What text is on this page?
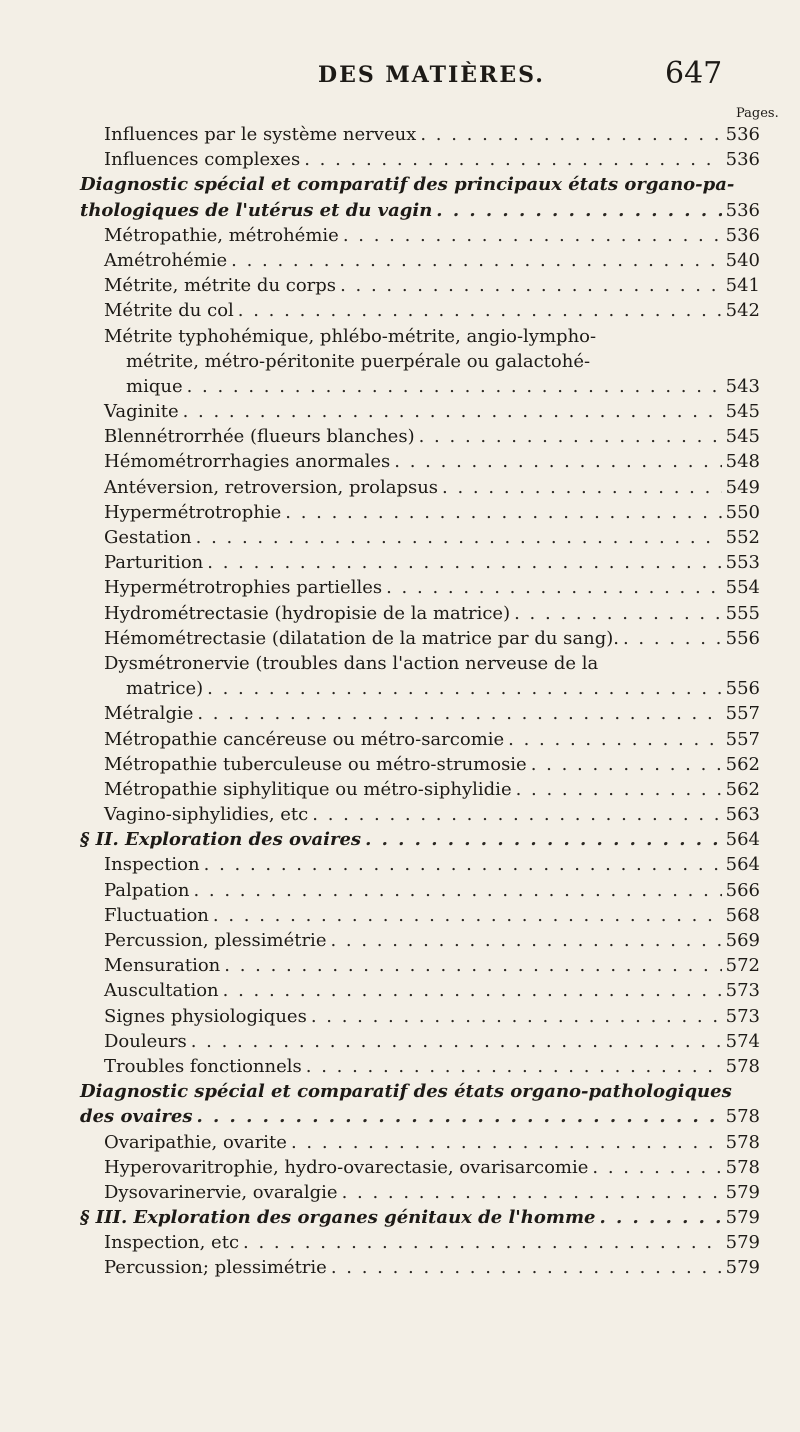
DES MATIÈRES.	647
Pages.
Influences par le système nerveux . . .	536
Influences complexes . . .	536
Diagnostic spécial et comparatif des principaux états organo-pa-
thologiques de l'utérus et du vagin . . .	536
Métropathie, métrohémie . . .	536
Amétrohémie . . .	540
Métrite, métrite du corps . . .	541
Métrite du col . . .	542
Métrite typhohémique, phlébo-métrite, angio-lympho-
métrite, métro-péritonite puerpérale ou galactohé-
mique . . .	543
Vaginite . . .	545
Blennétrorrhée (flueurs blanches) . . .	545
Hémométrorrhagies anormales . . .	548
Antéversion, retroversion, prolapsus . . .	549
Hypermétrotrophie . . .	550
Gestation . . .	552
Parturition . . .	553
Hypermétrotrophies partielles . . .	554
Hydrométrectasie (hydropisie de la matrice) . . .	555
Hémométrectasie (dilatation de la matrice par du sang). . . .	556
Dysmétronervie (troubles dans l'action nerveuse de la
matrice) . . .	556
Métralgie . . .	557
Métropathie cancéreuse ou métro-sarcomie . . .	557
Métropathie tuberculeuse ou métro-strumosie . . .	562
Métropathie siphylitique ou métro-siphylidie . . .	562
Vagino-siphylidies, etc . . .	563
§ II. Exploration des ovaires . . .	564
Inspection . . .	564
Palpation . . .	566
Fluctuation . . .	568
Percussion, plessimétrie . . .	569
Mensuration . . .	572
Auscultation . . .	573
Signes physiologiques . . .	573
Douleurs . . .	574
Troubles fonctionnels . . .	578
Diagnostic spécial et comparatif des états organo-pathologiques
des ovaires . . .	578
Ovaripathie, ovarite . . .	578
Hyperovaritrophie, hydro-ovarectasie, ovarisarcomie . . .	578
Dysovarinervie, ovaralgie . . .	579
§ III. Exploration des organes génitaux de l'homme . . .	579
Inspection, etc . . .	579
Percussion; plessimétrie . . .	579
